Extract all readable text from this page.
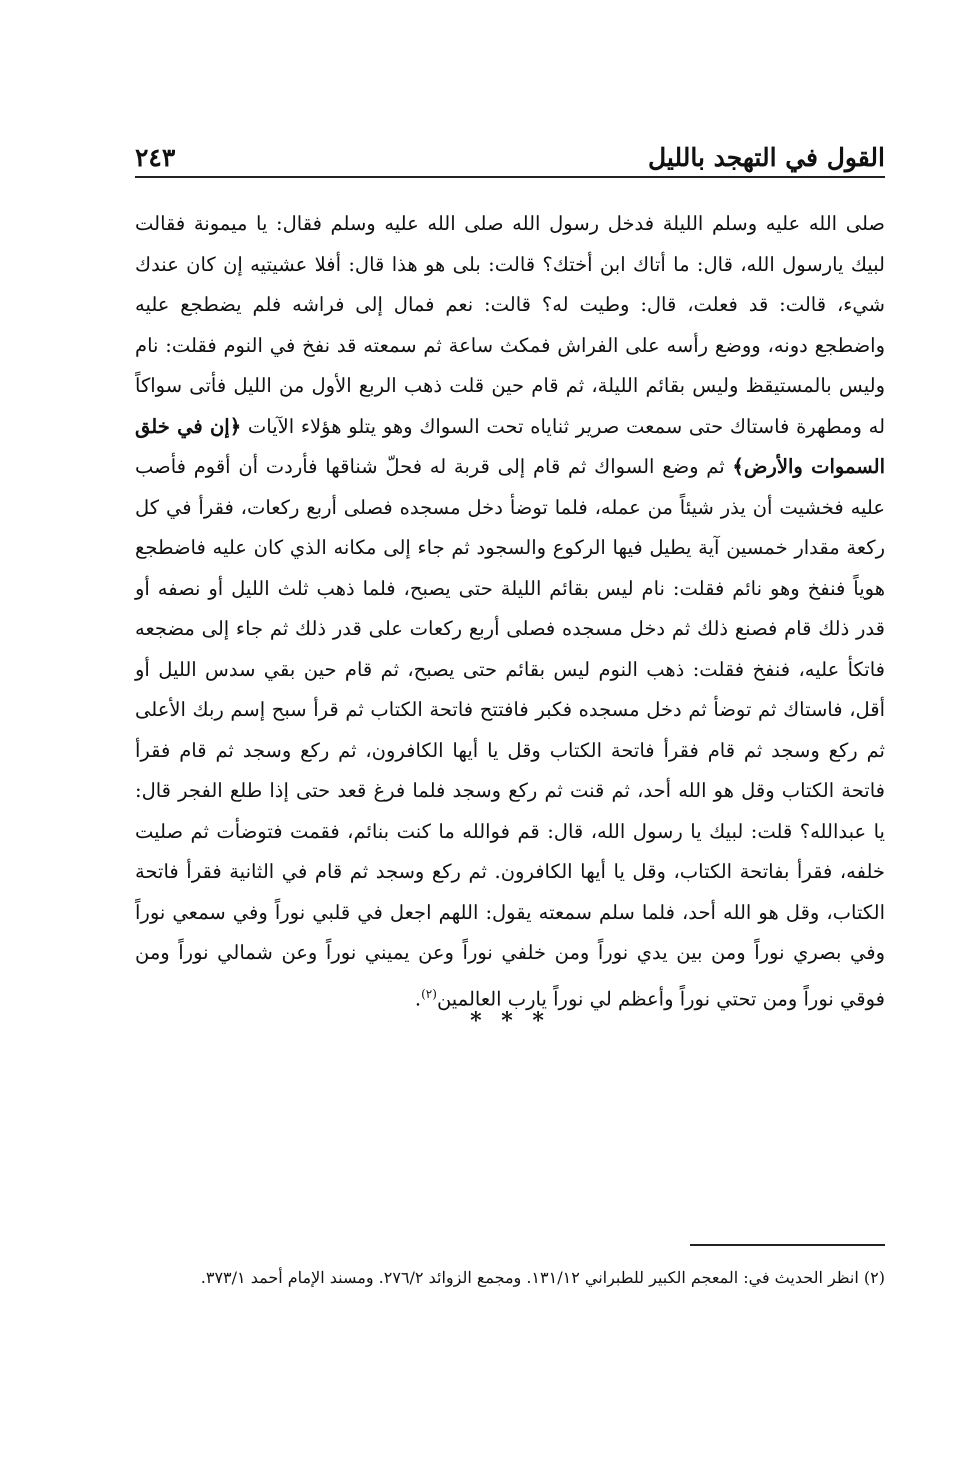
القول في التهجد بالليل
٢٤٣

صلى الله عليه وسلم الليلة فدخل رسول الله صلى الله عليه وسلم فقال: يا ميمونة فقالت لبيك يارسول الله، قال: ما أتاك ابن أختك؟ قالت: بلى هو هذا قال: أفلا عشيتيه إن كان عندك شيء، قالت: قد فعلت، قال: وطيت له؟ قالت: نعم فمال إلى فراشه فلم يضطجع عليه واضطجع دونه، ووضع رأسه على الفراش فمكث ساعة ثم سمعته قد نفخ في النوم فقلت: نام وليس بالمستيقظ وليس بقائم الليلة، ثم قام حين قلت ذهب الربع الأول من الليل فأتى سواكاً له ومطهرة فاستاك حتى سمعت صرير ثناياه تحت السواك وهو يتلو هؤلاء الآيات ﴿إن في خلق السموات والأرض﴾ ثم وضع السواك ثم قام إلى قربة له فحلّ شناقها فأردت أن أقوم فأصب عليه فخشيت أن يذر شيئاً من عمله، فلما توضأ دخل مسجده فصلى أربع ركعات، فقرأ في كل ركعة مقدار خمسين آية يطيل فيها الركوع والسجود ثم جاء إلى مكانه الذي كان عليه فاضطجع هوياً فنفخ وهو نائم فقلت: نام ليس بقائم الليلة حتى يصبح، فلما ذهب ثلث الليل أو نصفه أو قدر ذلك قام فصنع ذلك ثم دخل مسجده فصلى أربع ركعات على قدر ذلك ثم جاء إلى مضجعه فاتكأ عليه، فنفخ فقلت: ذهب النوم ليس بقائم حتى يصبح، ثم قام حين بقي سدس الليل أو أقل، فاستاك ثم توضأ ثم دخل مسجده فكبر فافتتح فاتحة الكتاب ثم قرأ سبح إسم ربك الأعلى ثم ركع وسجد ثم قام فقرأ فاتحة الكتاب وقل يا أيها الكافرون، ثم ركع وسجد ثم قام فقرأ فاتحة الكتاب وقل هو الله أحد، ثم قنت ثم ركع وسجد فلما فرغ قعد حتى إذا طلع الفجر قال: يا عبدالله؟ قلت: لبيك يا رسول الله، قال: قم فوالله ما كنت بنائم، فقمت فتوضأت ثم صليت خلفه، فقرأ بفاتحة الكتاب، وقل يا أيها الكافرون. ثم ركع وسجد ثم قام في الثانية فقرأ فاتحة الكتاب، وقل هو الله أحد، فلما سلم سمعته يقول: اللهم اجعل في قلبي نوراً وفي سمعي نوراً وفي بصري نوراً ومن بين يدي نوراً ومن خلفي نوراً وعن يميني نوراً وعن شمالي نوراً ومن فوقي نوراً ومن تحتي نوراً وأعظم لي نوراً يارب العالمين$^{(٢)}$.

* * *

(٢) انظر الحديث في: المعجم الكبير للطبراني ١٣١/١٢. ومجمع الزوائد ٢٧٦/٢. ومسند الإمام أحمد ٣٧٣/١.
